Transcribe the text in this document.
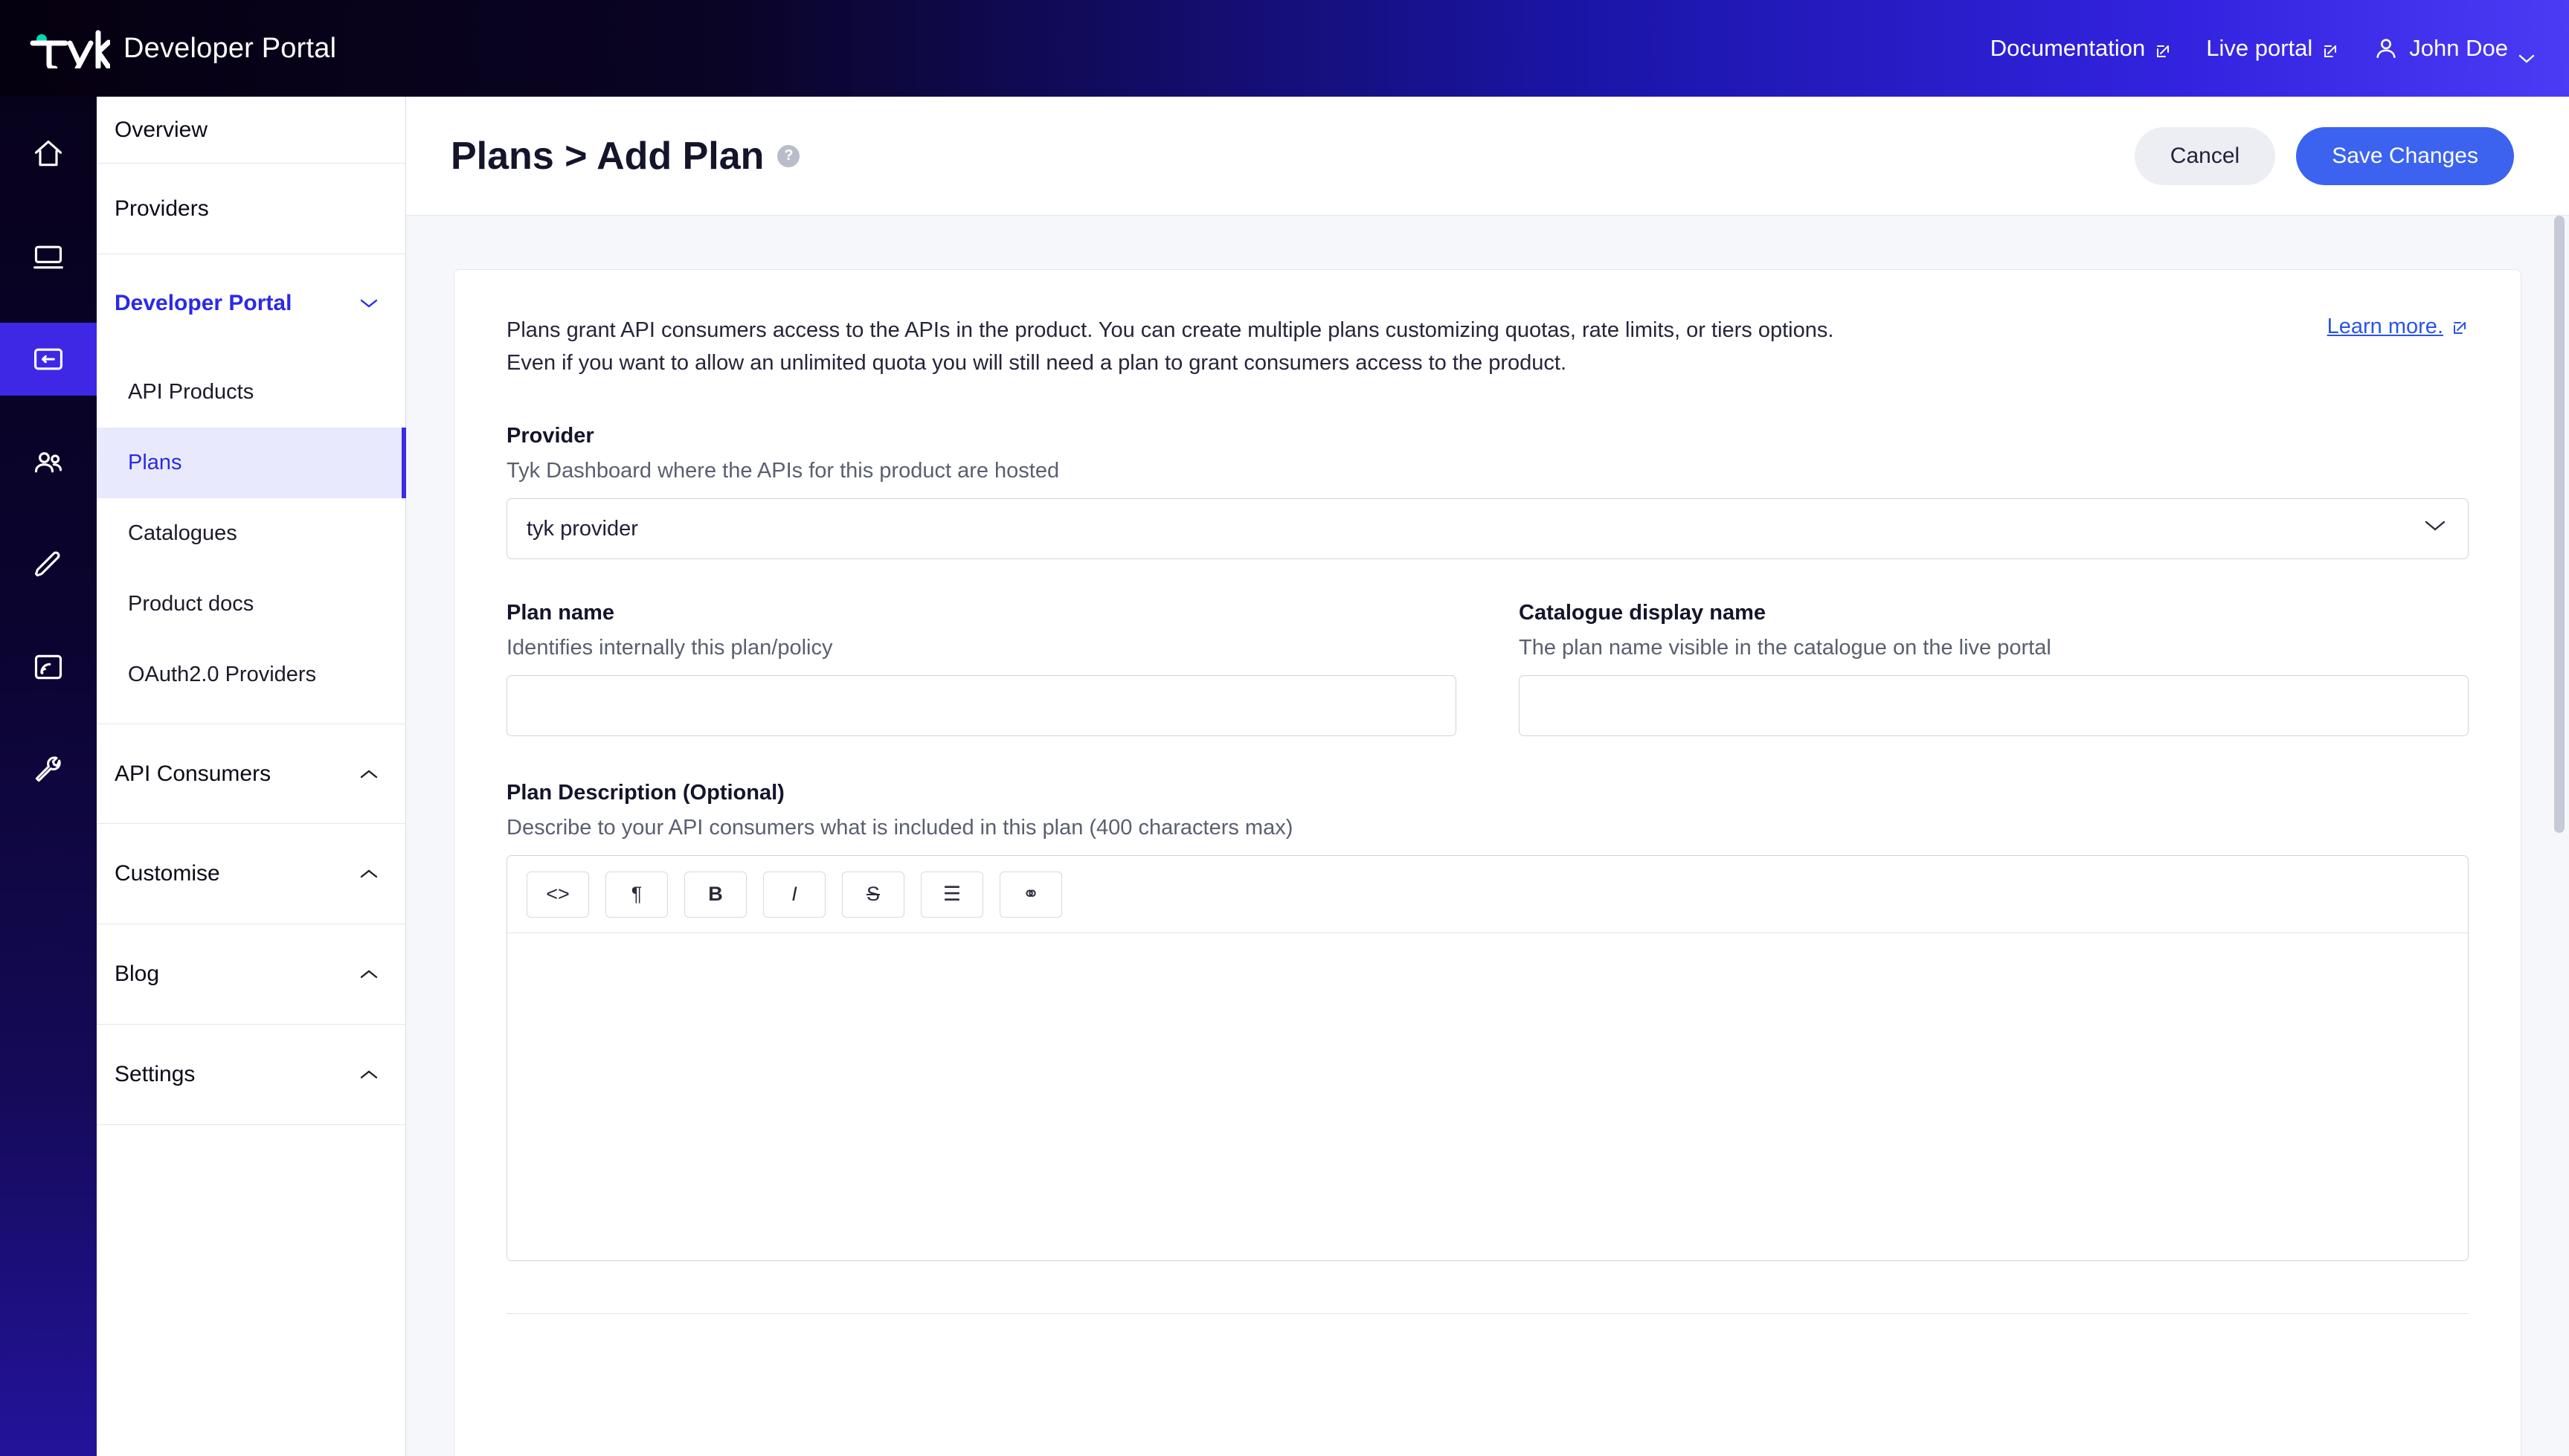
Developer Portal	Documentation	Live portal	John Doe
Overview
Providers
Developer Portal
API Products
Plans
Catalogues
Product docs
OAuth2.0 Providers
API Consumers
Customise
Blog
Settings
Plans > Add Plan	?	Cancel	Save Changes
Plans grant API consumers access to the APIs in the product. You can create multiple plans customizing quotas, rate limits, or tiers options.
Even if you want to allow an unlimited quota you will still need a plan to grant consumers access to the product.
Learn more.
Provider
Tyk Dashboard where the APIs for this product are hosted
tyk provider
Plan name
Identifies internally this plan/policy
Catalogue display name
The plan name visible in the catalogue on the live portal
Plan Description (Optional)
Describe to your API consumers what is included in this plan (400 characters max)
<>	¶	B	I	S	☰	⚭
